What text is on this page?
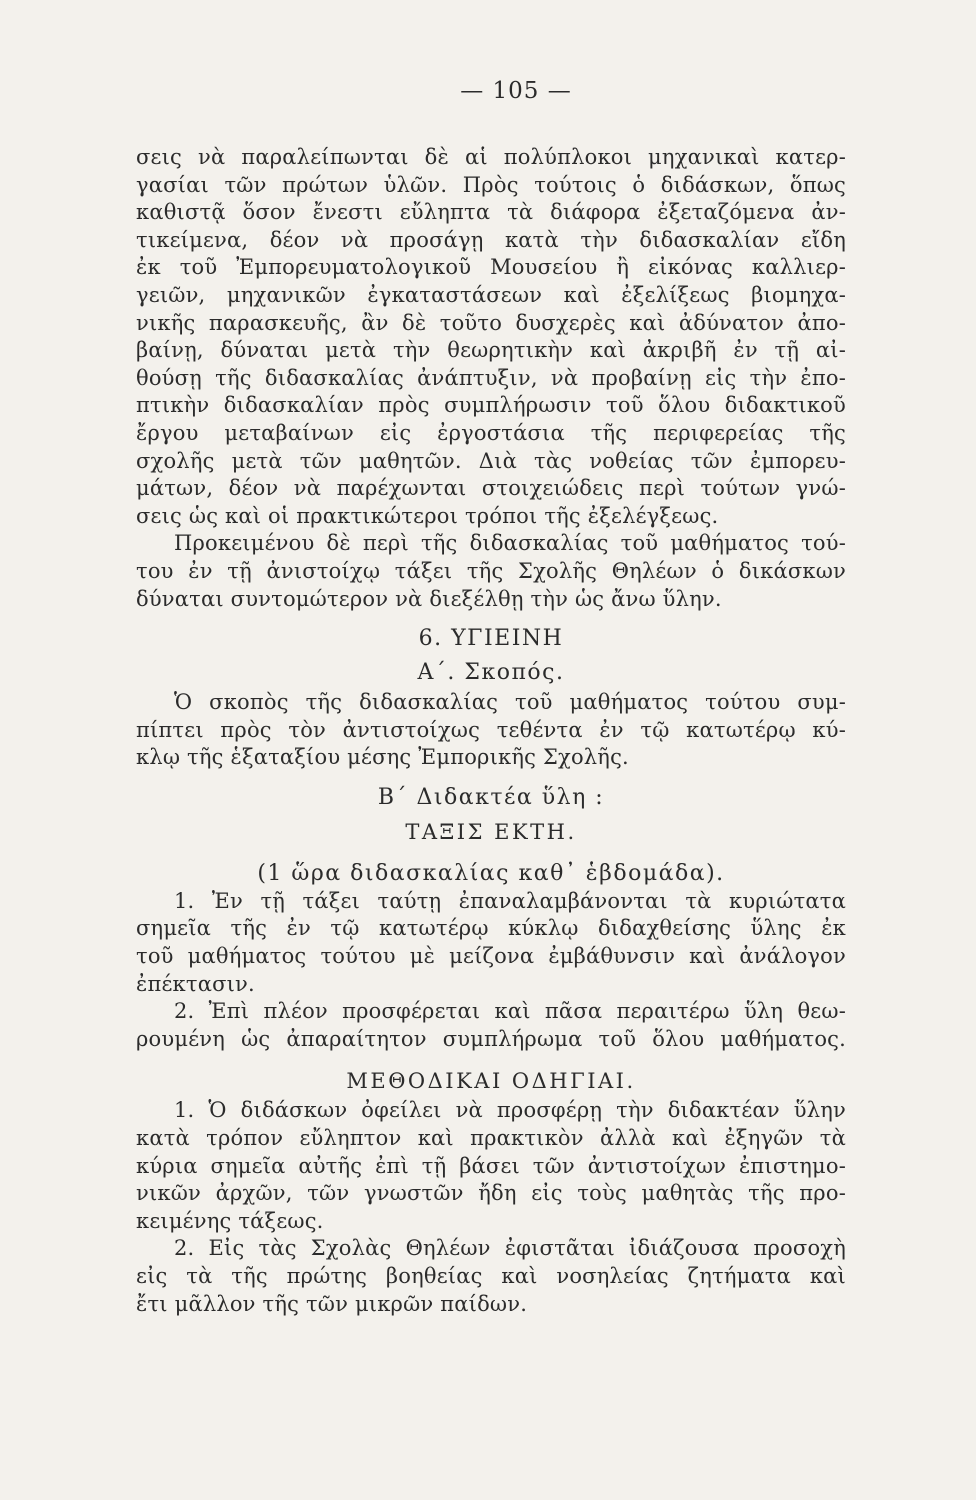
— 105 —
σεις νὰ παραλείπωνται δὲ αἱ πολύπλοκοι μηχανικαὶ κατερ-
γασίαι τῶν πρώτων ὑλῶν. Πρὸς τούτοις ὁ διδάσκων, ὅπως
καθιστᾷ ὅσον ἔνεστι εὔληπτα τὰ διάφορα ἐξεταζόμενα ἀν-
τικείμενα, δέον νὰ προσάγῃ κατὰ τὴν διδασκαλίαν εἴδη
ἐκ τοῦ Ἐμπορευματολογικοῦ Μουσείου ἢ εἰκόνας καλλιερ-
γειῶν, μηχανικῶν ἐγκαταστάσεων καὶ ἐξελίξεως βιομηχα-
νικῆς παρασκευῆς, ἂν δὲ τοῦτο δυσχερὲς καὶ ἀδύνατον ἀπο-
βαίνῃ, δύναται μετὰ τὴν θεωρητικὴν καὶ ἀκριβῆ ἐν τῇ αἰ-
θούσῃ τῆς διδασκαλίας ἀνάπτυξιν, νὰ προβαίνῃ εἰς τὴν ἐπο-
πτικὴν διδασκαλίαν πρὸς συμπλήρωσιν τοῦ ὅλου διδακτικοῦ
ἔργου μεταβαίνων εἰς ἐργοστάσια τῆς περιφερείας τῆς
σχολῆς μετὰ τῶν μαθητῶν. Διὰ τὰς νοθείας τῶν ἐμπορευ-
μάτων, δέον νὰ παρέχωνται στοιχειώδεις περὶ τούτων γνώ-
σεις ὡς καὶ οἱ πρακτικώτεροι τρόποι τῆς ἐξελέγξεως.
Προκειμένου δὲ περὶ τῆς διδασκαλίας τοῦ μαθήματος τού-
του ἐν τῇ ἀνιστοίχῳ τάξει τῆς Σχολῆς Θηλέων ὁ δικάσκων
δύναται συντομώτερον νὰ διεξέλθῃ τὴν ὡς ἄνω ὕλην.
6. ΥΓΙΕΙΝΗ
Α΄. Σκοπός.
Ὁ σκοπὸς τῆς διδασκαλίας τοῦ μαθήματος τούτου συμ-
πίπτει πρὸς τὸν ἀντιστοίχως τεθέντα ἐν τῷ κατωτέρῳ κύ-
κλῳ τῆς ἑξαταξίου μέσης Ἐμπορικῆς Σχολῆς.
Β΄ Διδακτέα ὕλη :
ΤΑΞΙΣ ΕΚΤΗ.
(1 ὥρα διδασκαλίας καθ᾽ ἑβδομάδα).
1. Ἐν τῇ τάξει ταύτῃ ἐπαναλαμβάνονται τὰ κυριώτατα
σημεῖα τῆς ἐν τῷ κατωτέρῳ κύκλῳ διδαχθείσης ὕλης ἐκ
τοῦ μαθήματος τούτου μὲ μείζονα ἐμβάθυνσιν καὶ ἀνάλογον
ἐπέκτασιν.
2. Ἐπὶ πλέον προσφέρεται καὶ πᾶσα περαιτέρω ὕλη θεω-
ρουμένη ὡς ἀπαραίτητον συμπλήρωμα τοῦ ὅλου μαθήματος.
ΜΕΘΟΔΙΚΑΙ ΟΔΗΓΙΑΙ.
1. Ὁ διδάσκων ὀφείλει νὰ προσφέρῃ τὴν διδακτέαν ὕλην
κατὰ τρόπον εὔληπτον καὶ πρακτικὸν ἀλλὰ καὶ ἐξηγῶν τὰ
κύρια σημεῖα αὐτῆς ἐπὶ τῇ βάσει τῶν ἀντιστοίχων ἐπιστημο-
νικῶν ἀρχῶν, τῶν γνωστῶν ἤδη εἰς τοὺς μαθητὰς τῆς προ-
κειμένης τάξεως.
2. Εἰς τὰς Σχολὰς Θηλέων ἐφιστᾶται ἰδιάζουσα προσοχὴ
εἰς τὰ τῆς πρώτης βοηθείας καὶ νοσηλείας ζητήματα καὶ
ἔτι μᾶλλον τῆς τῶν μικρῶν παίδων.
